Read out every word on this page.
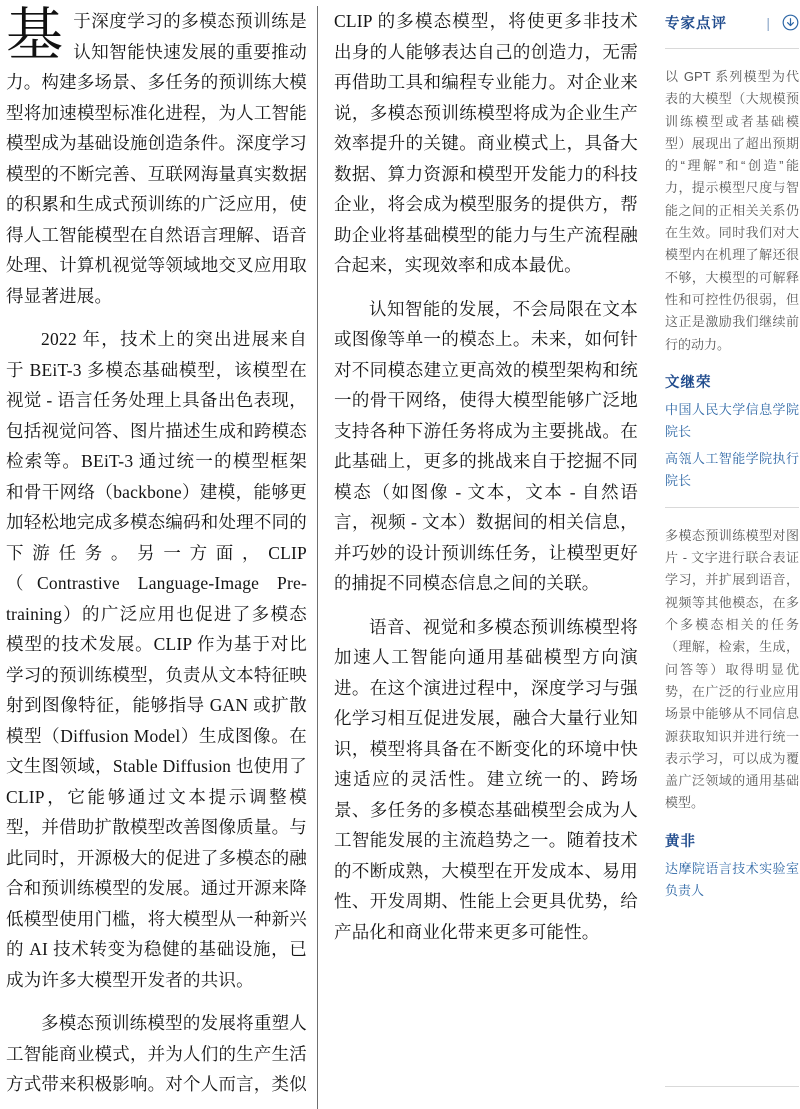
基于深度学习的多模态预训练是认知智能快速发展的重要推动力。构建多场景、多任务的预训练大模型将加速模型标准化进程，为人工智能模型成为基础设施创造条件。深度学习模型的不断完善、互联网海量真实数据的积累和生成式预训练的广泛应用，使得人工智能模型在自然语言理解、语音处理、计算机视觉等领域地交叉应用取得显著进展。

2022 年，技术上的突出进展来自于 BEiT-3 多模态基础模型，该模型在视觉 - 语言任务处理上具备出色表现，包括视觉问答、图片描述生成和跨模态检索等。BEiT-3 通过统一的模型框架和骨干网络（backbone）建模，能够更加轻松地完成多模态编码和处理不同的下游任务。另一方面，CLIP（Contrastive Language-Image Pre-training）的广泛应用也促进了多模态模型的技术发展。CLIP 作为基于对比学习的预训练模型，负责从文本特征映射到图像特征，能够指导 GAN 或扩散模型（Diffusion Model）生成图像。在文生图领域，Stable Diffusion 也使用了 CLIP，它能够通过文本提示调整模型，并借助扩散模型改善图像质量。与此同时，开源极大的促进了多模态的融合和预训练模型的发展。通过开源来降低模型使用门槛，将大模型从一种新兴的 AI 技术转变为稳健的基础设施，已成为许多大模型开发者的共识。

多模态预训练模型的发展将重塑人工智能商业模式，并为人们的生产生活方式带来积极影响。对个人而言，类似

CLIP 的多模态模型，将使更多非技术出身的人能够表达自己的创造力，无需再借助工具和编程专业能力。对企业来说，多模态预训练模型将成为企业生产效率提升的关键。商业模式上，具备大数据、算力资源和模型开发能力的科技企业，将会成为模型服务的提供方，帮助企业将基础模型的能力与生产流程融合起来，实现效率和成本最优。

认知智能的发展，不会局限在文本或图像等单一的模态上。未来，如何针对不同模态建立更高效的模型架构和统一的骨干网络，使得大模型能够广泛地支持各种下游任务将成为主要挑战。在此基础上，更多的挑战来自于挖掘不同模态（如图像 - 文本，文本 - 自然语言，视频 - 文本）数据间的相关信息，并巧妙的设计预训练任务，让模型更好的捕捉不同模态信息之间的关联。

语音、视觉和多模态预训练模型将加速人工智能向通用基础模型方向演进。在这个演进过程中，深度学习与强化学习相互促进发展，融合大量行业知识，模型将具备在不断变化的环境中快速适应的灵活性。建立统一的、跨场景、多任务的多模态基础模型会成为人工智能发展的主流趋势之一。随着技术的不断成熟，大模型在开发成本、易用性、开发周期、性能上会更具优势，给产品化和商业化带来更多可能性。

专家点评	|
以 GPT 系列模型为代表的大模型（大规模预训练模型或者基础模型）展现出了超出预期的“理解”和“创造”能力，提示模型尺度与智能之间的正相关关系仍在生效。同时我们对大模型内在机理了解还很不够，大模型的可解释性和可控性仍很弱，但这正是激励我们继续前行的动力。
文继荣
中国人民大学信息学院院长
高瓴人工智能学院执行院长
多模态预训练模型对图片 - 文字进行联合表证学习，并扩展到语音，视频等其他模态，在多个多模态相关的任务（理解，检索，生成，问答等）取得明显优势，在广泛的行业应用场景中能够从不同信息源获取知识并进行统一表示学习，可以成为覆盖广泛领域的通用基础模型。
黄非
达摩院语言技术实验室负责人
